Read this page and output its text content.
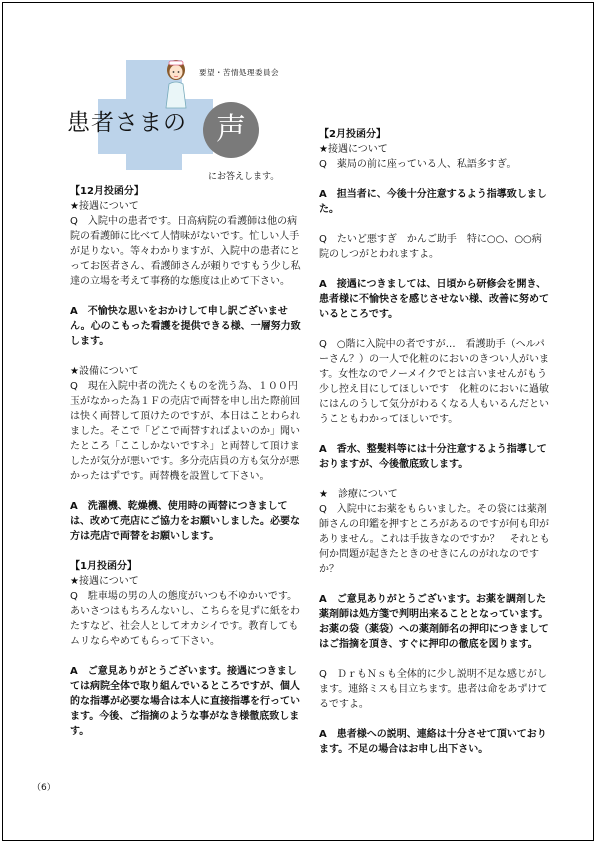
要望・苦情処理委員会
患者さまの 声
にお答えします。

【12月投函分】

★接遇について

Q　入院中の患者です。日高病院の看護師は他の病院の看護師に比べて人情味がないです。忙しい人手が足りない。等々わかりますが、入院中の患者にとってお医者さん、看護師さんが頼りですもう少し私達の立場を考えて事務的な態度は止めて下さい。

A　不愉快な思いをおかけして申し訳ございません。心のこもった看護を提供できる様、一層努力致します。

★設備について

Q　現在入院中者の洗たくものを洗う為、１００円玉がなかった為１Ｆの売店で両替を申し出た際前回は快く両替して頂けたのですが、本日はことわられました。そこで「どこで両替すればよいのか」聞いたところ「ここしかないですネ」と両替して頂けましたが気分が悪いです。多分売店員の方も気分が悪かったはずです。両替機を設置して下さい。

A　洗濯機、乾燥機、使用時の両替につきましては、改めて売店にご協力をお願いしました。必要な方は売店で両替をお願いします。

【1月投函分】

★接遇について

Q　駐車場の男の人の態度がいつも不ゆかいです。あいさつはもちろんないし、こちらを見ずに紙をわたすなど、社会人としてオカシイです。教育してもムリならやめてもらって下さい。

A　ご意見ありがとうございます。接遇につきましては病院全体で取り組んでいるところですが、個人的な指導が必要な場合は本人に直接指導を行っています。今後、ご指摘のような事がなき様徹底致します。

【2月投函分】

★接遇について

Q　薬局の前に座っている人、私語多すぎ。

A　担当者に、今後十分注意するよう指導致しました。

Q　たいど悪すぎ　かんご助手　特に○○、○○病院のしつがとわれますよ。

A　接遇につきましては、日頃から研修会を開き、患者様に不愉快さを感じさせない様、改善に努めているところです。

Q　○階に入院中の者ですが…　看護助手（ヘルパーさん？）の一人で化粧のにおいのきつい人がいます。女性なのでノーメイクでとは言いませんがもう少し控え目にしてほしいです　化粧のにおいに過敏にはんのうして気分がわるくなる人もいるんだということもわかってほしいです。

A　香水、整髪料等には十分注意するよう指導しておりますが、今後徹底致します。

★　診療について

Q　入院中にお薬をもらいました。その袋には薬剤師さんの印鑑を押すところがあるのですが何も印がありません。これは手抜きなのですか？　それとも何か問題が起きたときのせきにんのがれなのですか？

A　ご意見ありがとうございます。お薬を調剤した薬剤師は処方箋で判明出来ることとなっています。お薬の袋（薬袋）への薬剤師名の押印につきましてはご指摘を頂き、すぐに押印の徹底を図ります。

Q　ＤｒもＮｓも全体的に少し説明不足な感じがします。連絡ミスも目立ちます。患者は命をあずけてるですよ。

A　患者様への説明、連絡は十分させて頂いております。不足の場合はお申し出下さい。

（6）
